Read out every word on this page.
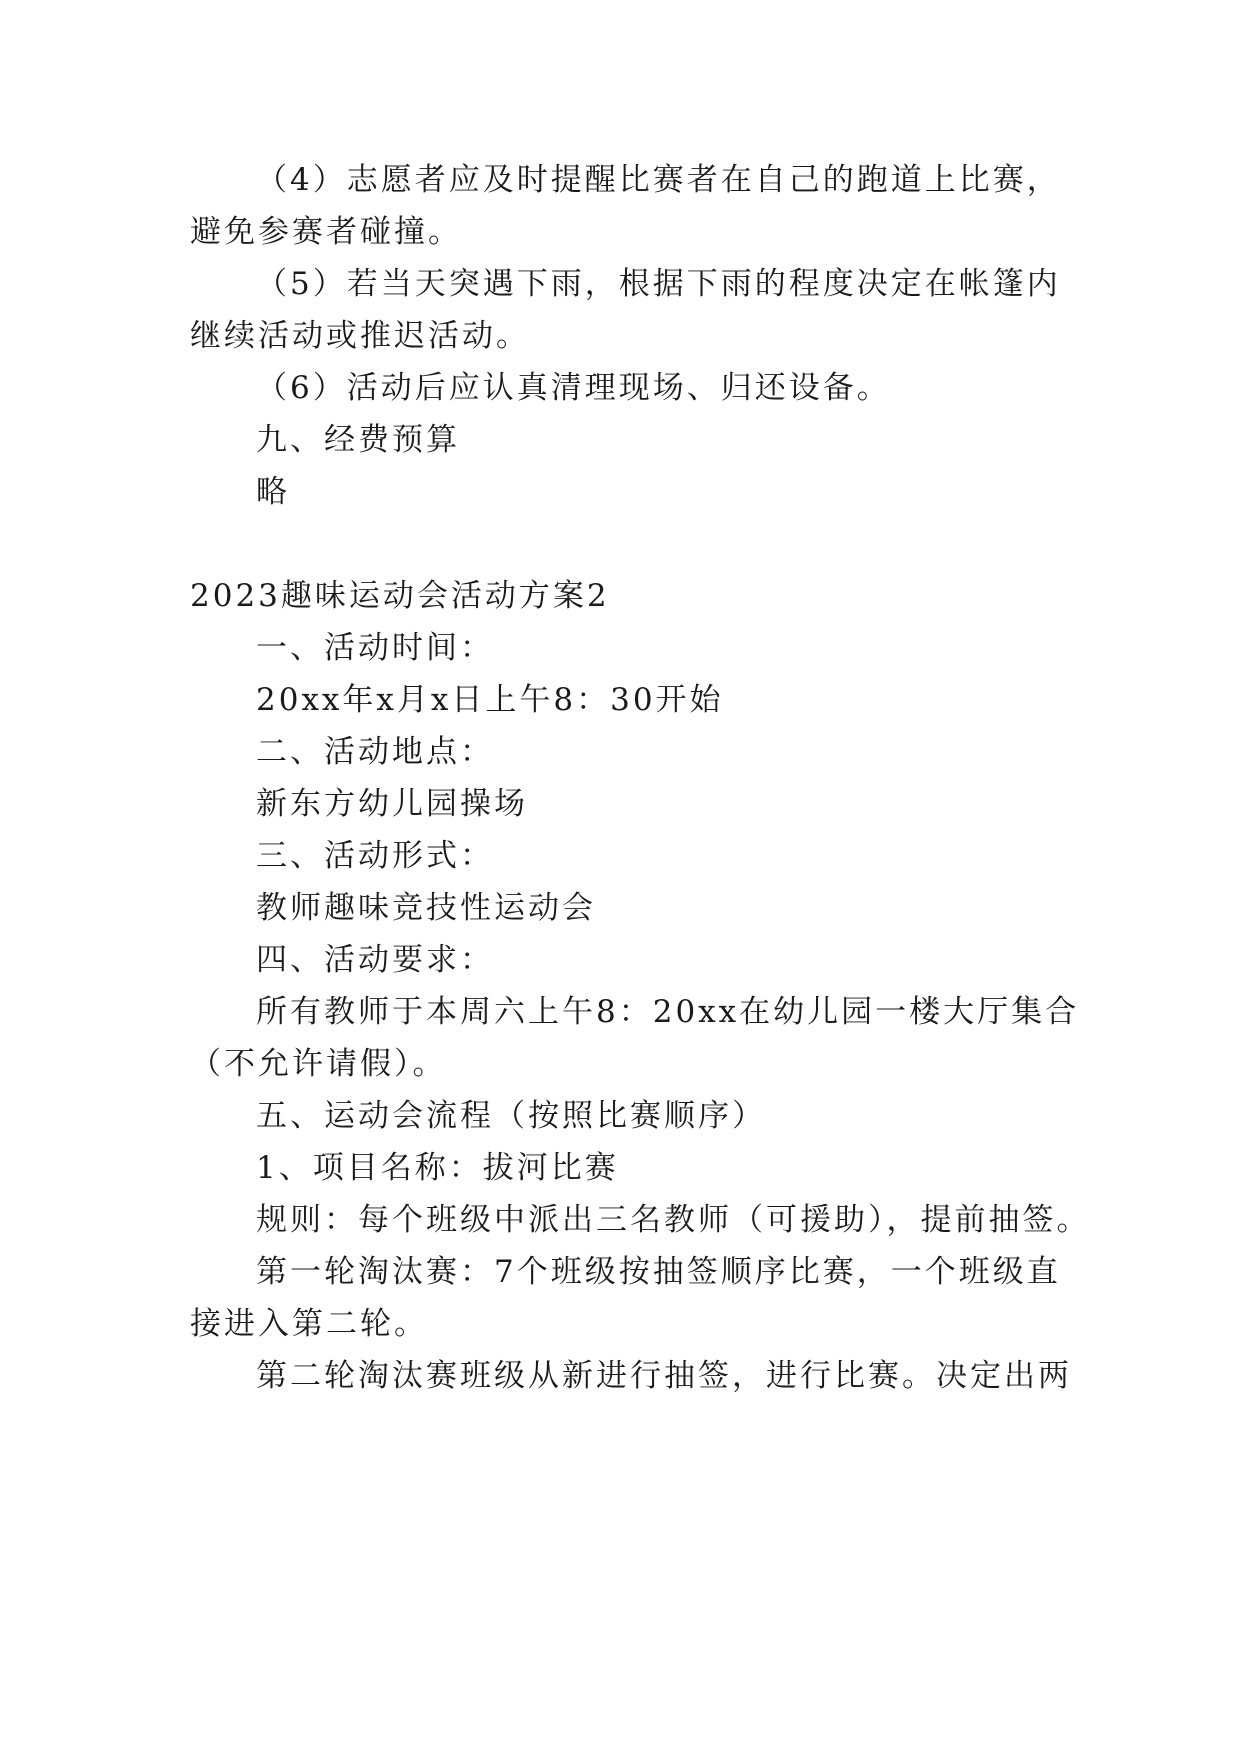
（4）志愿者应及时提醒比赛者在自己的跑道上比赛，
避免参赛者碰撞。
（5）若当天突遇下雨，根据下雨的程度决定在帐篷内
继续活动或推迟活动。
（6）活动后应认真清理现场、归还设备。
九、经费预算
略
2023趣味运动会活动方案2
一、活动时间：
20xx年x月x日上午8：30开始
二、活动地点：
新东方幼儿园操场
三、活动形式：
教师趣味竞技性运动会
四、活动要求：
所有教师于本周六上午8：20xx在幼儿园一楼大厅集合
（不允许请假）。
五、运动会流程（按照比赛顺序）
1、项目名称：拔河比赛
规则：每个班级中派出三名教师（可援助），提前抽签。
第一轮淘汰赛：7个班级按抽签顺序比赛，一个班级直
接进入第二轮。
第二轮淘汰赛班级从新进行抽签，进行比赛。决定出两
